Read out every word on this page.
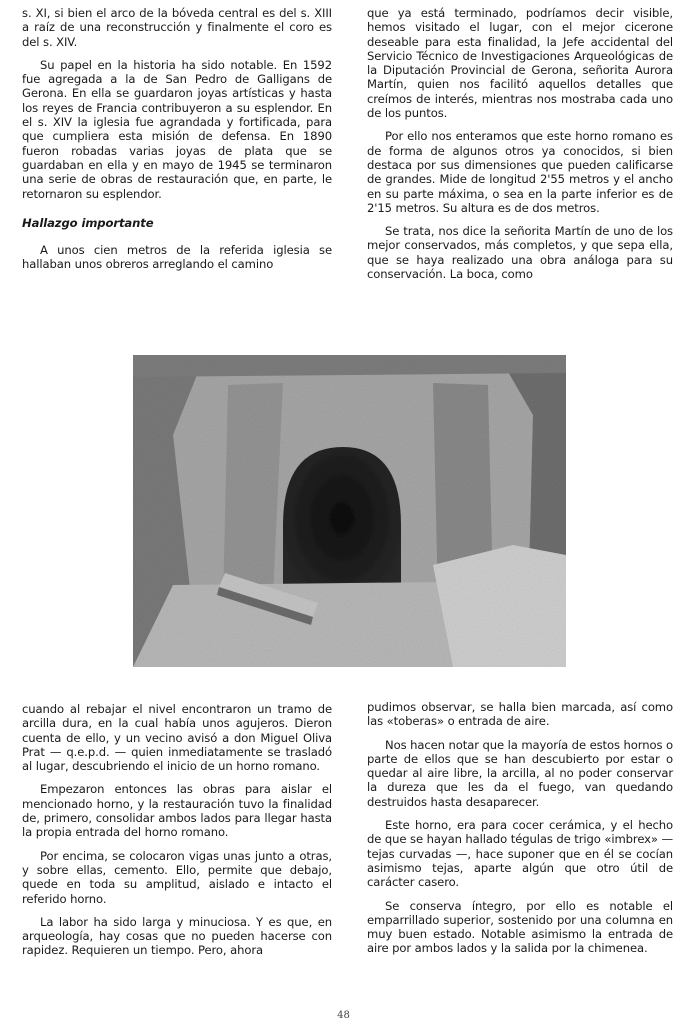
s. XI, si bien el arco de la bóveda central es del s. XIII a raíz de una reconstrucción y finalmente el coro es del s. XIV.

Su papel en la historia ha sido notable. En 1592 fue agregada a la de San Pedro de Galligans de Gerona. En ella se guardaron joyas artísticas y hasta los reyes de Francia contribuyeron a su esplendor. En el s. XIV la iglesia fue agrandada y fortificada, para que cumpliera esta misión de defensa. En 1890 fueron robadas varias joyas de plata que se guardaban en ella y en mayo de 1945 se terminaron una serie de obras de restauración que, en parte, le retornaron su esplendor.

Hallazgo importante

A unos cien metros de la referida iglesia se hallaban unos obreros arreglando el camino

que ya está terminado, podríamos decir visible, hemos visitado el lugar, con el mejor cicerone deseable para esta finalidad, la Jefe accidental del Servicio Técnico de Investigaciones Arqueológicas de la Diputación Provincial de Gerona, señorita Aurora Martín, quien nos facilitó aquellos detalles que creímos de interés, mientras nos mostraba cada uno de los puntos.

Por ello nos enteramos que este horno romano es de forma de algunos otros ya conocidos, si bien destaca por sus dimensiones que pueden calificarse de grandes. Mide de longitud 2'55 metros y el ancho en su parte máxima, o sea en la parte inferior es de 2'15 metros. Su altura es de dos metros.

Se trata, nos dice la señorita Martín de uno de los mejor conservados, más completos, y que sepa ella, que se haya realizado una obra análoga para su conservación. La boca, como

cuando al rebajar el nivel encontraron un tramo de arcilla dura, en la cual había unos agujeros. Dieron cuenta de ello, y un vecino avisó a don Miguel Oliva Prat — q.e.p.d. — quien inmediatamente se trasladó al lugar, descubriendo el inicio de un horno romano.

Empezaron entonces las obras para aislar el mencionado horno, y la restauración tuvo la finalidad de, primero, consolidar ambos lados para llegar hasta la propia entrada del horno romano.

Por encima, se colocaron vigas unas junto a otras, y sobre ellas, cemento. Ello, permite que debajo, quede en toda su amplitud, aislado e intacto el referido horno.

La labor ha sido larga y minuciosa. Y es que, en arqueología, hay cosas que no pueden hacerse con rapidez. Requieren un tiempo. Pero, ahora

pudimos observar, se halla bien marcada, así como las «toberas» o entrada de aire.

Nos hacen notar que la mayoría de estos hornos o parte de ellos que se han descubierto por estar o quedar al aire libre, la arcilla, al no poder conservar la dureza que les da el fuego, van quedando destruidos hasta desaparecer.

Este horno, era para cocer cerámica, y el hecho de que se hayan hallado tégulas de trigo «imbrex» — tejas curvadas —, hace suponer que en él se cocían asimismo tejas, aparte algún que otro útil de carácter casero.

Se conserva íntegro, por ello es notable el emparrillado superior, sostenido por una columna en muy buen estado. Notable asimismo la entrada de aire por ambos lados y la salida por la chimenea.

48
